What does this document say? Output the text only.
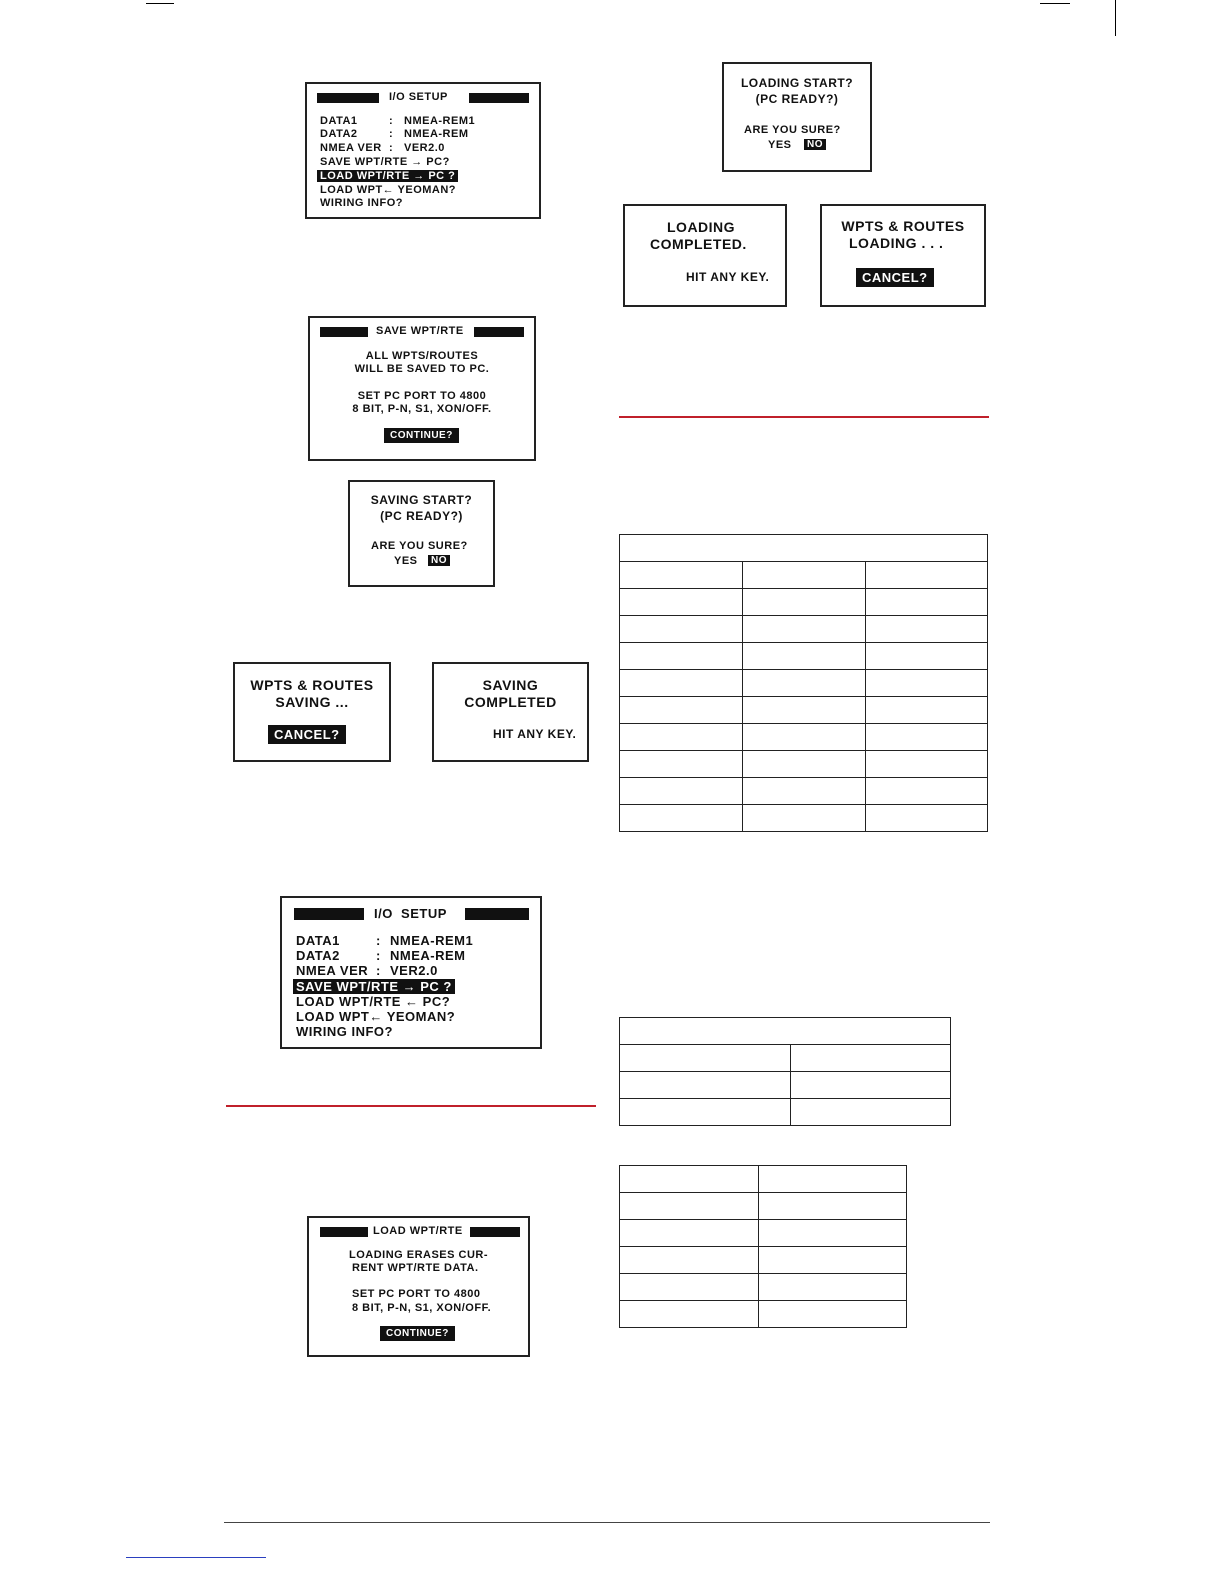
I/O SETUP
DATA1	: NMEA-REM1
DATA2	: NMEA-REM
NMEA VER : VER2.0
SAVE WPT/RTE → PC?
LOAD WPT/RTE → PC ?
LOAD WPT← YEOMAN?
WIRING INFO?
SAVE WPT/RTE
ALL WPTS/ROUTES
WILL BE SAVED TO PC.
SET PC PORT TO 4800
8 BIT, P-N, S1, XON/OFF.
CONTINUE?
SAVING START?
(PC READY?)
ARE YOU SURE?
YES	NO
WPTS & ROUTES
SAVING ...
CANCEL?
SAVING
COMPLETED
HIT ANY KEY.
I/O  SETUP
DATA1	: NMEA-REM1
DATA2	: NMEA-REM
NMEA VER : VER2.0
SAVE WPT/RTE → PC ?
LOAD WPT/RTE ← PC?
LOAD WPT← YEOMAN?
WIRING INFO?
LOAD WPT/RTE
LOADING ERASES CUR-
RENT WPT/RTE DATA.
SET PC PORT TO 4800
8 BIT, P-N, S1, XON/OFF.
CONTINUE?
LOADING START?
(PC READY?)
ARE YOU SURE?
YES	NO
LOADING
COMPLETED.
HIT ANY KEY.
WPTS & ROUTES
LOADING . . .
CANCEL?
